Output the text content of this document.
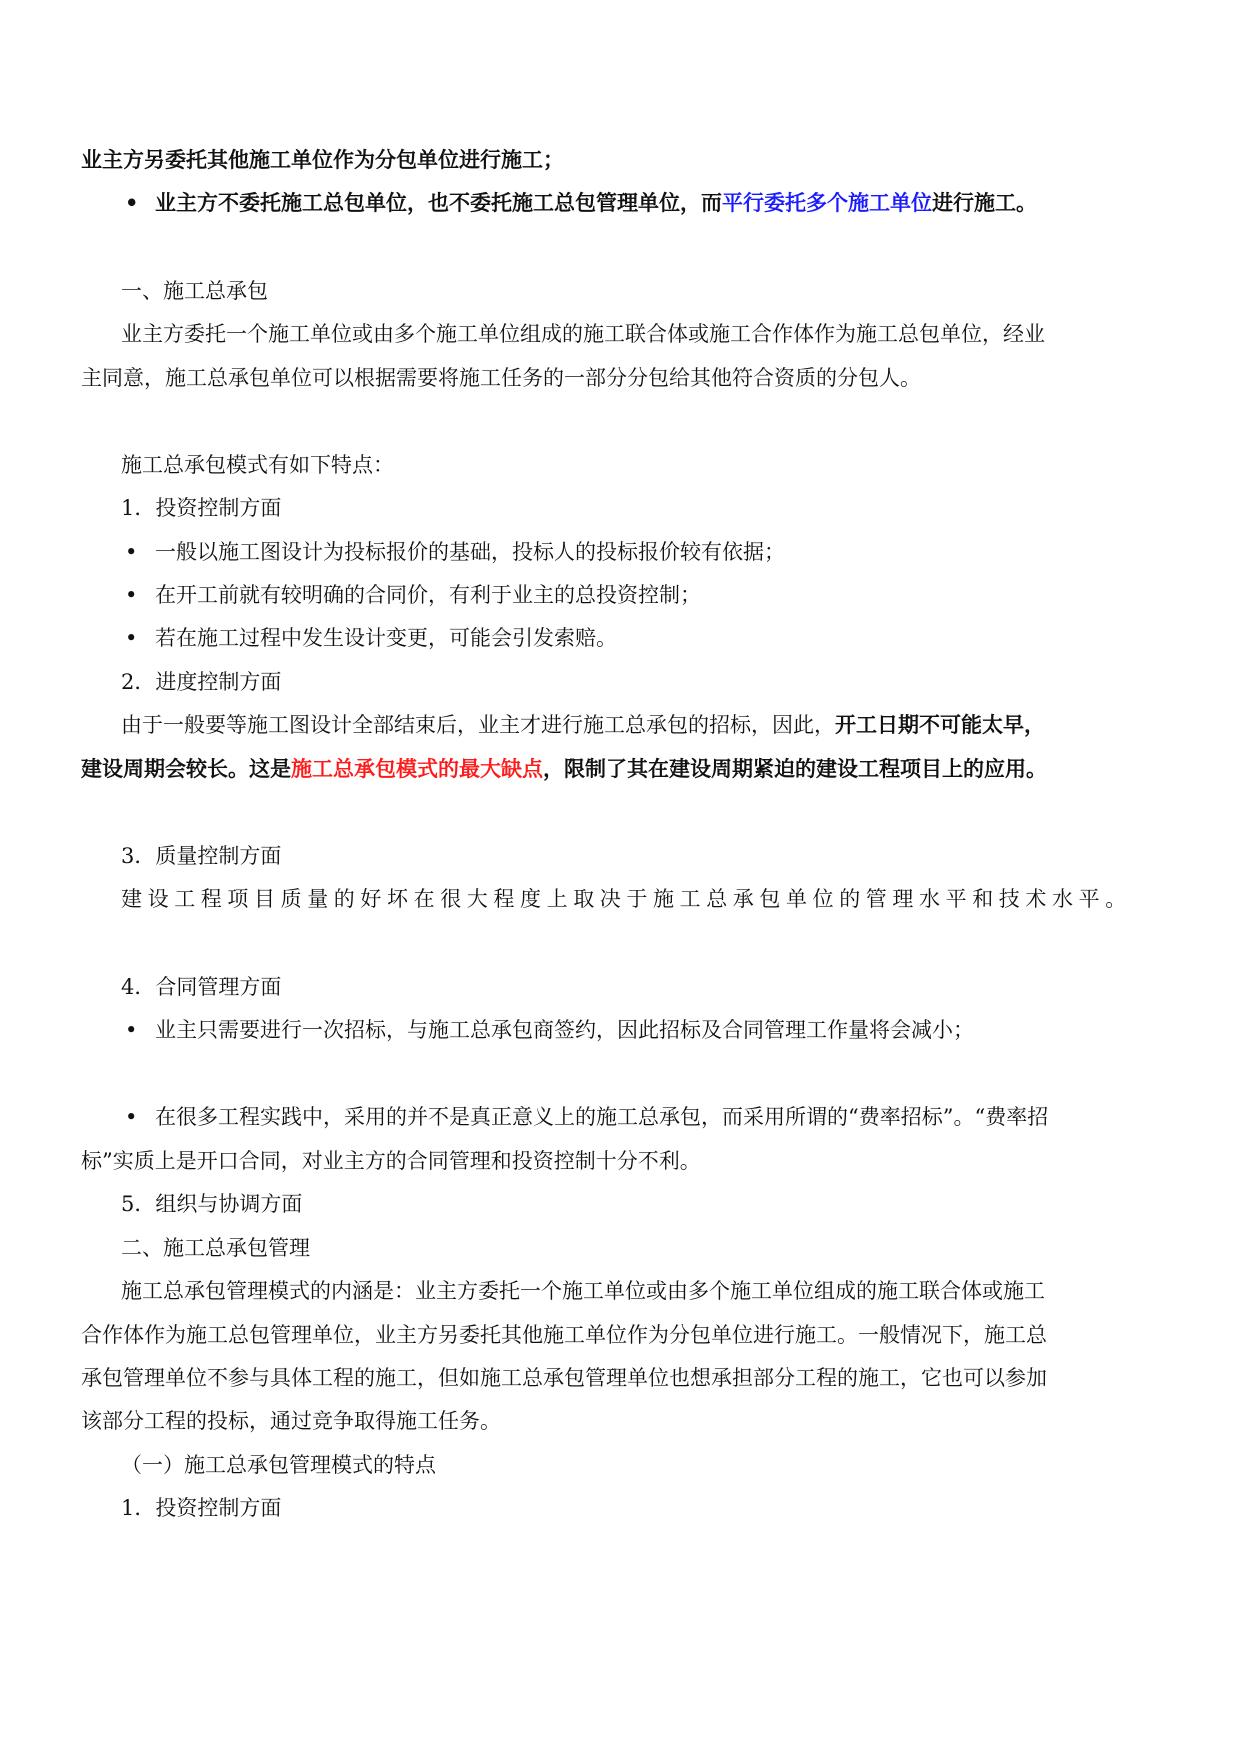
业主方另委托其他施工单位作为分包单位进行施工；
• 业主方不委托施工总包单位，也不委托施工总包管理单位，而平行委托多个施工单位进行施工。
一、施工总承包
业主方委托一个施工单位或由多个施工单位组成的施工联合体或施工合作体作为施工总包单位，经业
主同意，施工总承包单位可以根据需要将施工任务的一部分分包给其他符合资质的分包人。
施工总承包模式有如下特点：
1．投资控制方面
• 一般以施工图设计为投标报价的基础，投标人的投标报价较有依据；
• 在开工前就有较明确的合同价，有利于业主的总投资控制；
• 若在施工过程中发生设计变更，可能会引发索赔。
2．进度控制方面
由于一般要等施工图设计全部结束后，业主才进行施工总承包的招标，因此，开工日期不可能太早，
建设周期会较长。这是施工总承包模式的最大缺点，限制了其在建设周期紧迫的建设工程项目上的应用。
3．质量控制方面
建设工程项目质量的好坏在很大程度上取决于施工总承包单位的管理水平和技术水平。
4．合同管理方面
• 业主只需要进行一次招标，与施工总承包商签约，因此招标及合同管理工作量将会减小；
• 在很多工程实践中，采用的并不是真正意义上的施工总承包，而采用所谓的“费率招标”。“费率招
标”实质上是开口合同，对业主方的合同管理和投资控制十分不利。
5．组织与协调方面
二、施工总承包管理
施工总承包管理模式的内涵是：业主方委托一个施工单位或由多个施工单位组成的施工联合体或施工
合作体作为施工总包管理单位，业主方另委托其他施工单位作为分包单位进行施工。一般情况下，施工总
承包管理单位不参与具体工程的施工，但如施工总承包管理单位也想承担部分工程的施工，它也可以参加
该部分工程的投标，通过竞争取得施工任务。
（一）施工总承包管理模式的特点
1．投资控制方面
